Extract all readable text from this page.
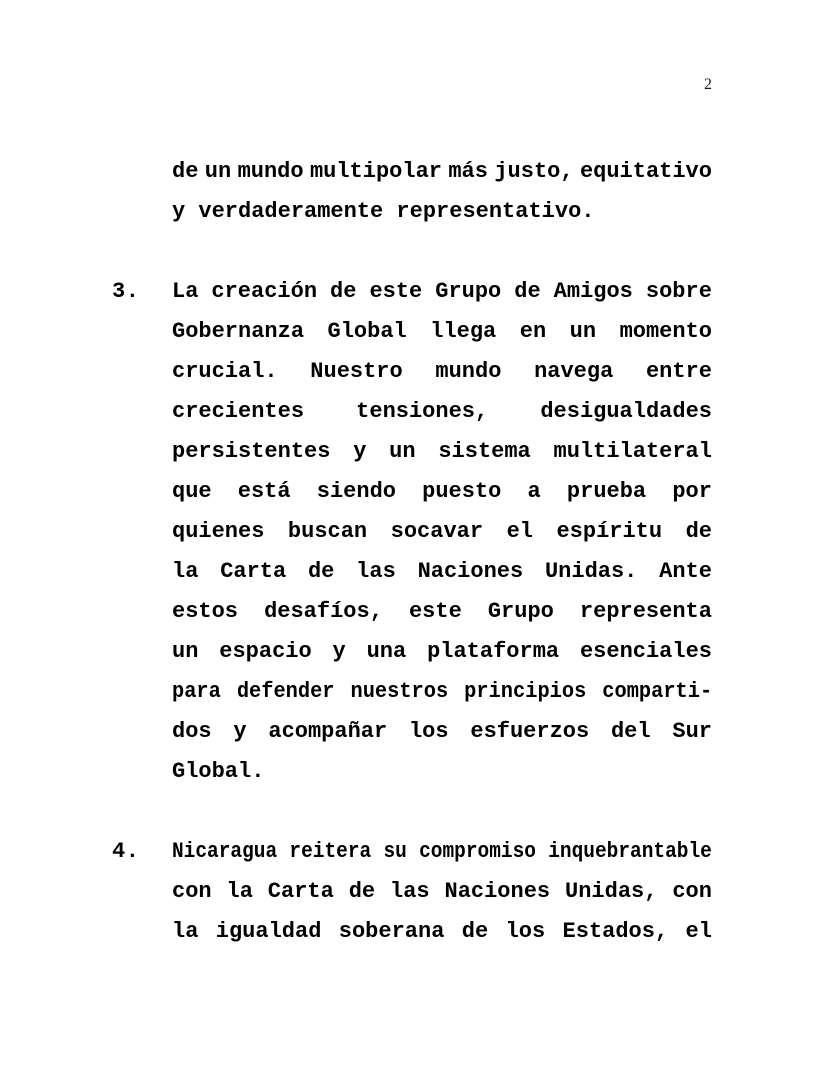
2
de un mundo multipolar más justo, equitativo
y verdaderamente representativo.
3.	La creación de este Grupo de Amigos sobre
Gobernanza Global llega en un momento
crucial. Nuestro mundo navega entre
crecientes tensiones, desigualdades
persistentes y un sistema multilateral
que está siendo puesto a prueba por
quienes buscan socavar el espíritu de
la Carta de las Naciones Unidas. Ante
estos desafíos, este Grupo representa
un espacio y una plataforma esenciales
para defender nuestros principios comparti-
dos y acompañar los esfuerzos del Sur
Global.
4.	Nicaragua reitera su compromiso inquebrantable
con la Carta de las Naciones Unidas, con
la igualdad soberana de los Estados, el
